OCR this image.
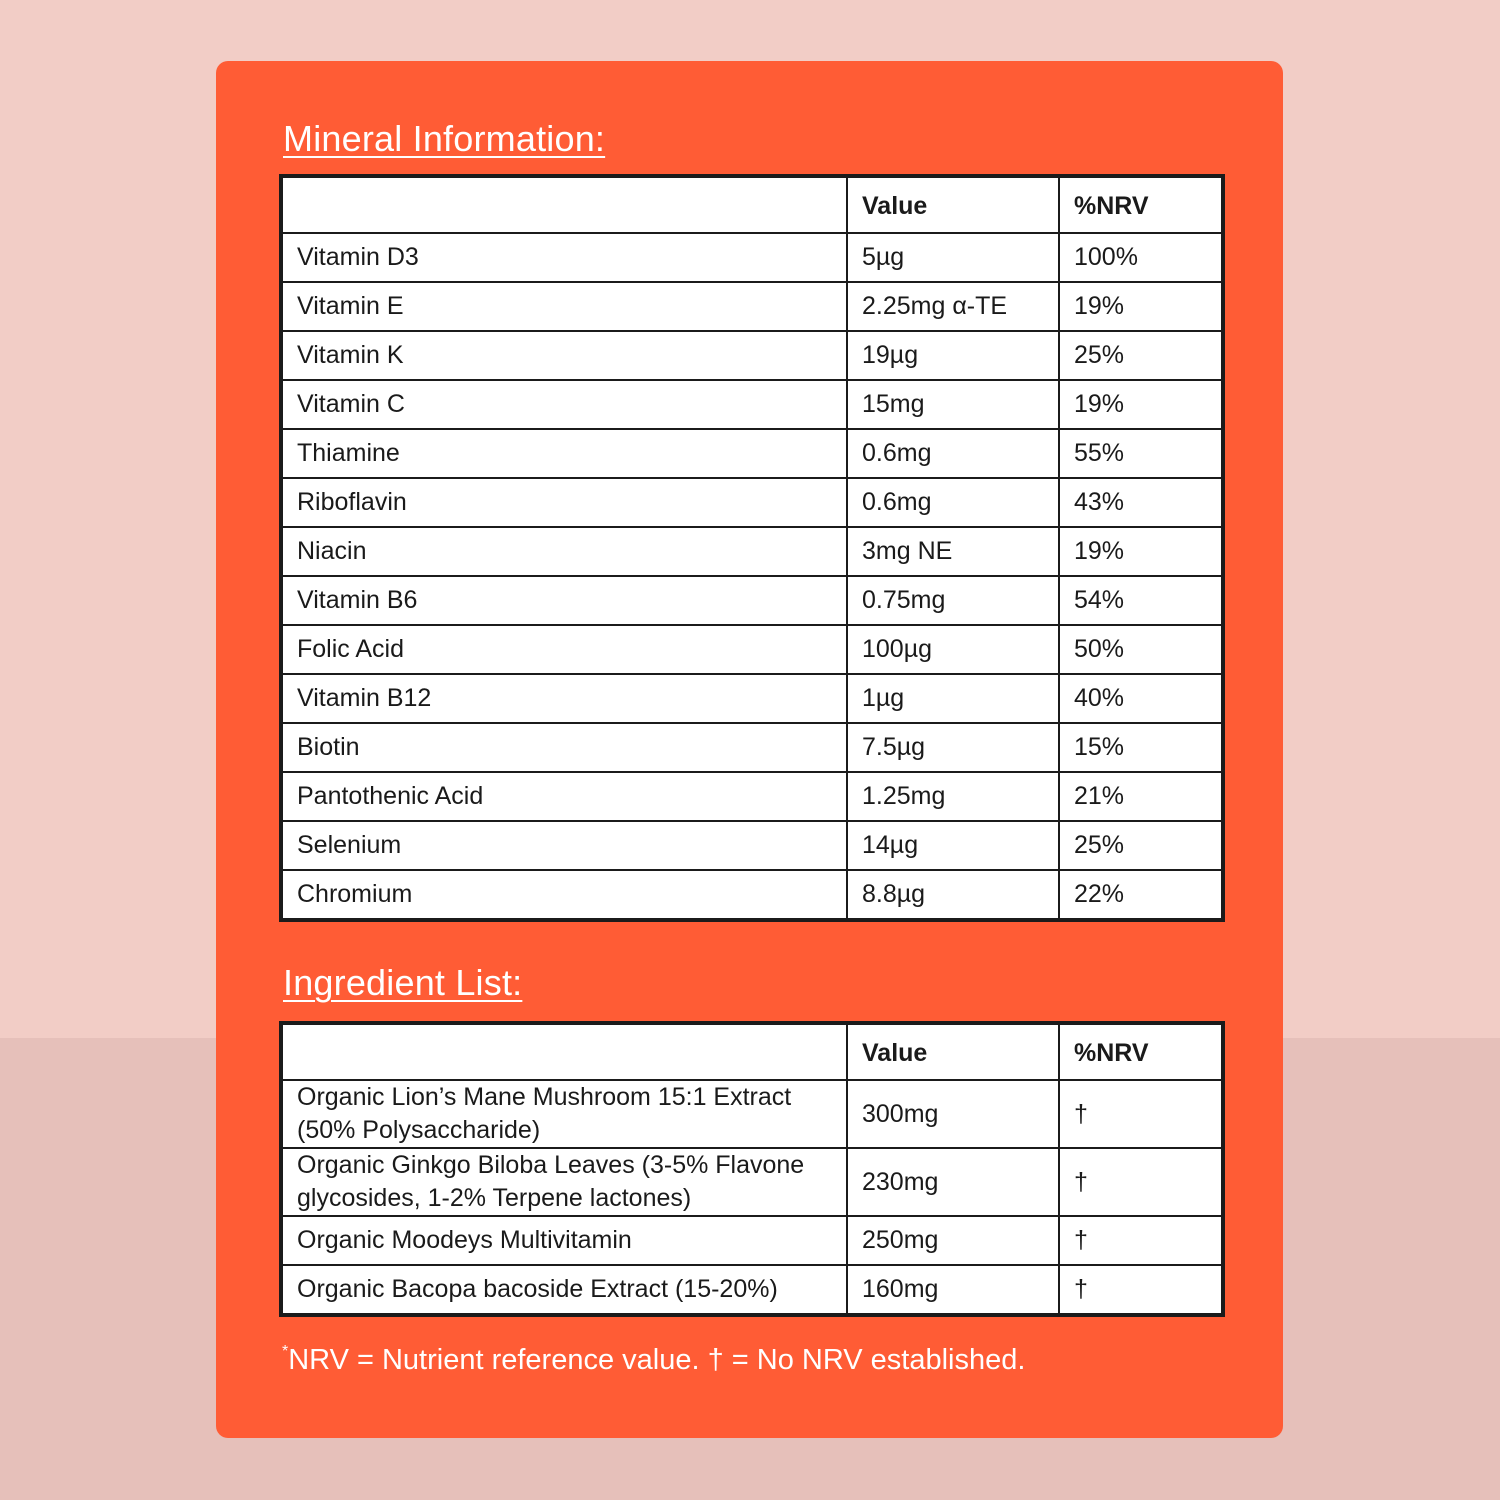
Mineral Information:
	Value	%NRV
Vitamin D3	5µg	100%
Vitamin E	2.25mg α-TE	19%
Vitamin K	19µg	25%
Vitamin C	15mg	19%
Thiamine	0.6mg	55%
Riboflavin	0.6mg	43%
Niacin	3mg NE	19%
Vitamin B6	0.75mg	54%
Folic Acid	100µg	50%
Vitamin B12	1µg	40%
Biotin	7.5µg	15%
Pantothenic Acid	1.25mg	21%
Selenium	14µg	25%
Chromium	8.8µg	22%
Ingredient List:
	Value	%NRV
Organic Lion’s Mane Mushroom 15:1 Extract (50% Polysaccharide)	300mg	†
Organic Ginkgo Biloba Leaves (3-5% Flavone glycosides, 1-2% Terpene lactones)	230mg	†
Organic Moodeys Multivitamin	250mg	†
Organic Bacopa bacoside Extract (15-20%)	160mg	†

*NRV = Nutrient reference value. † = No NRV established.
